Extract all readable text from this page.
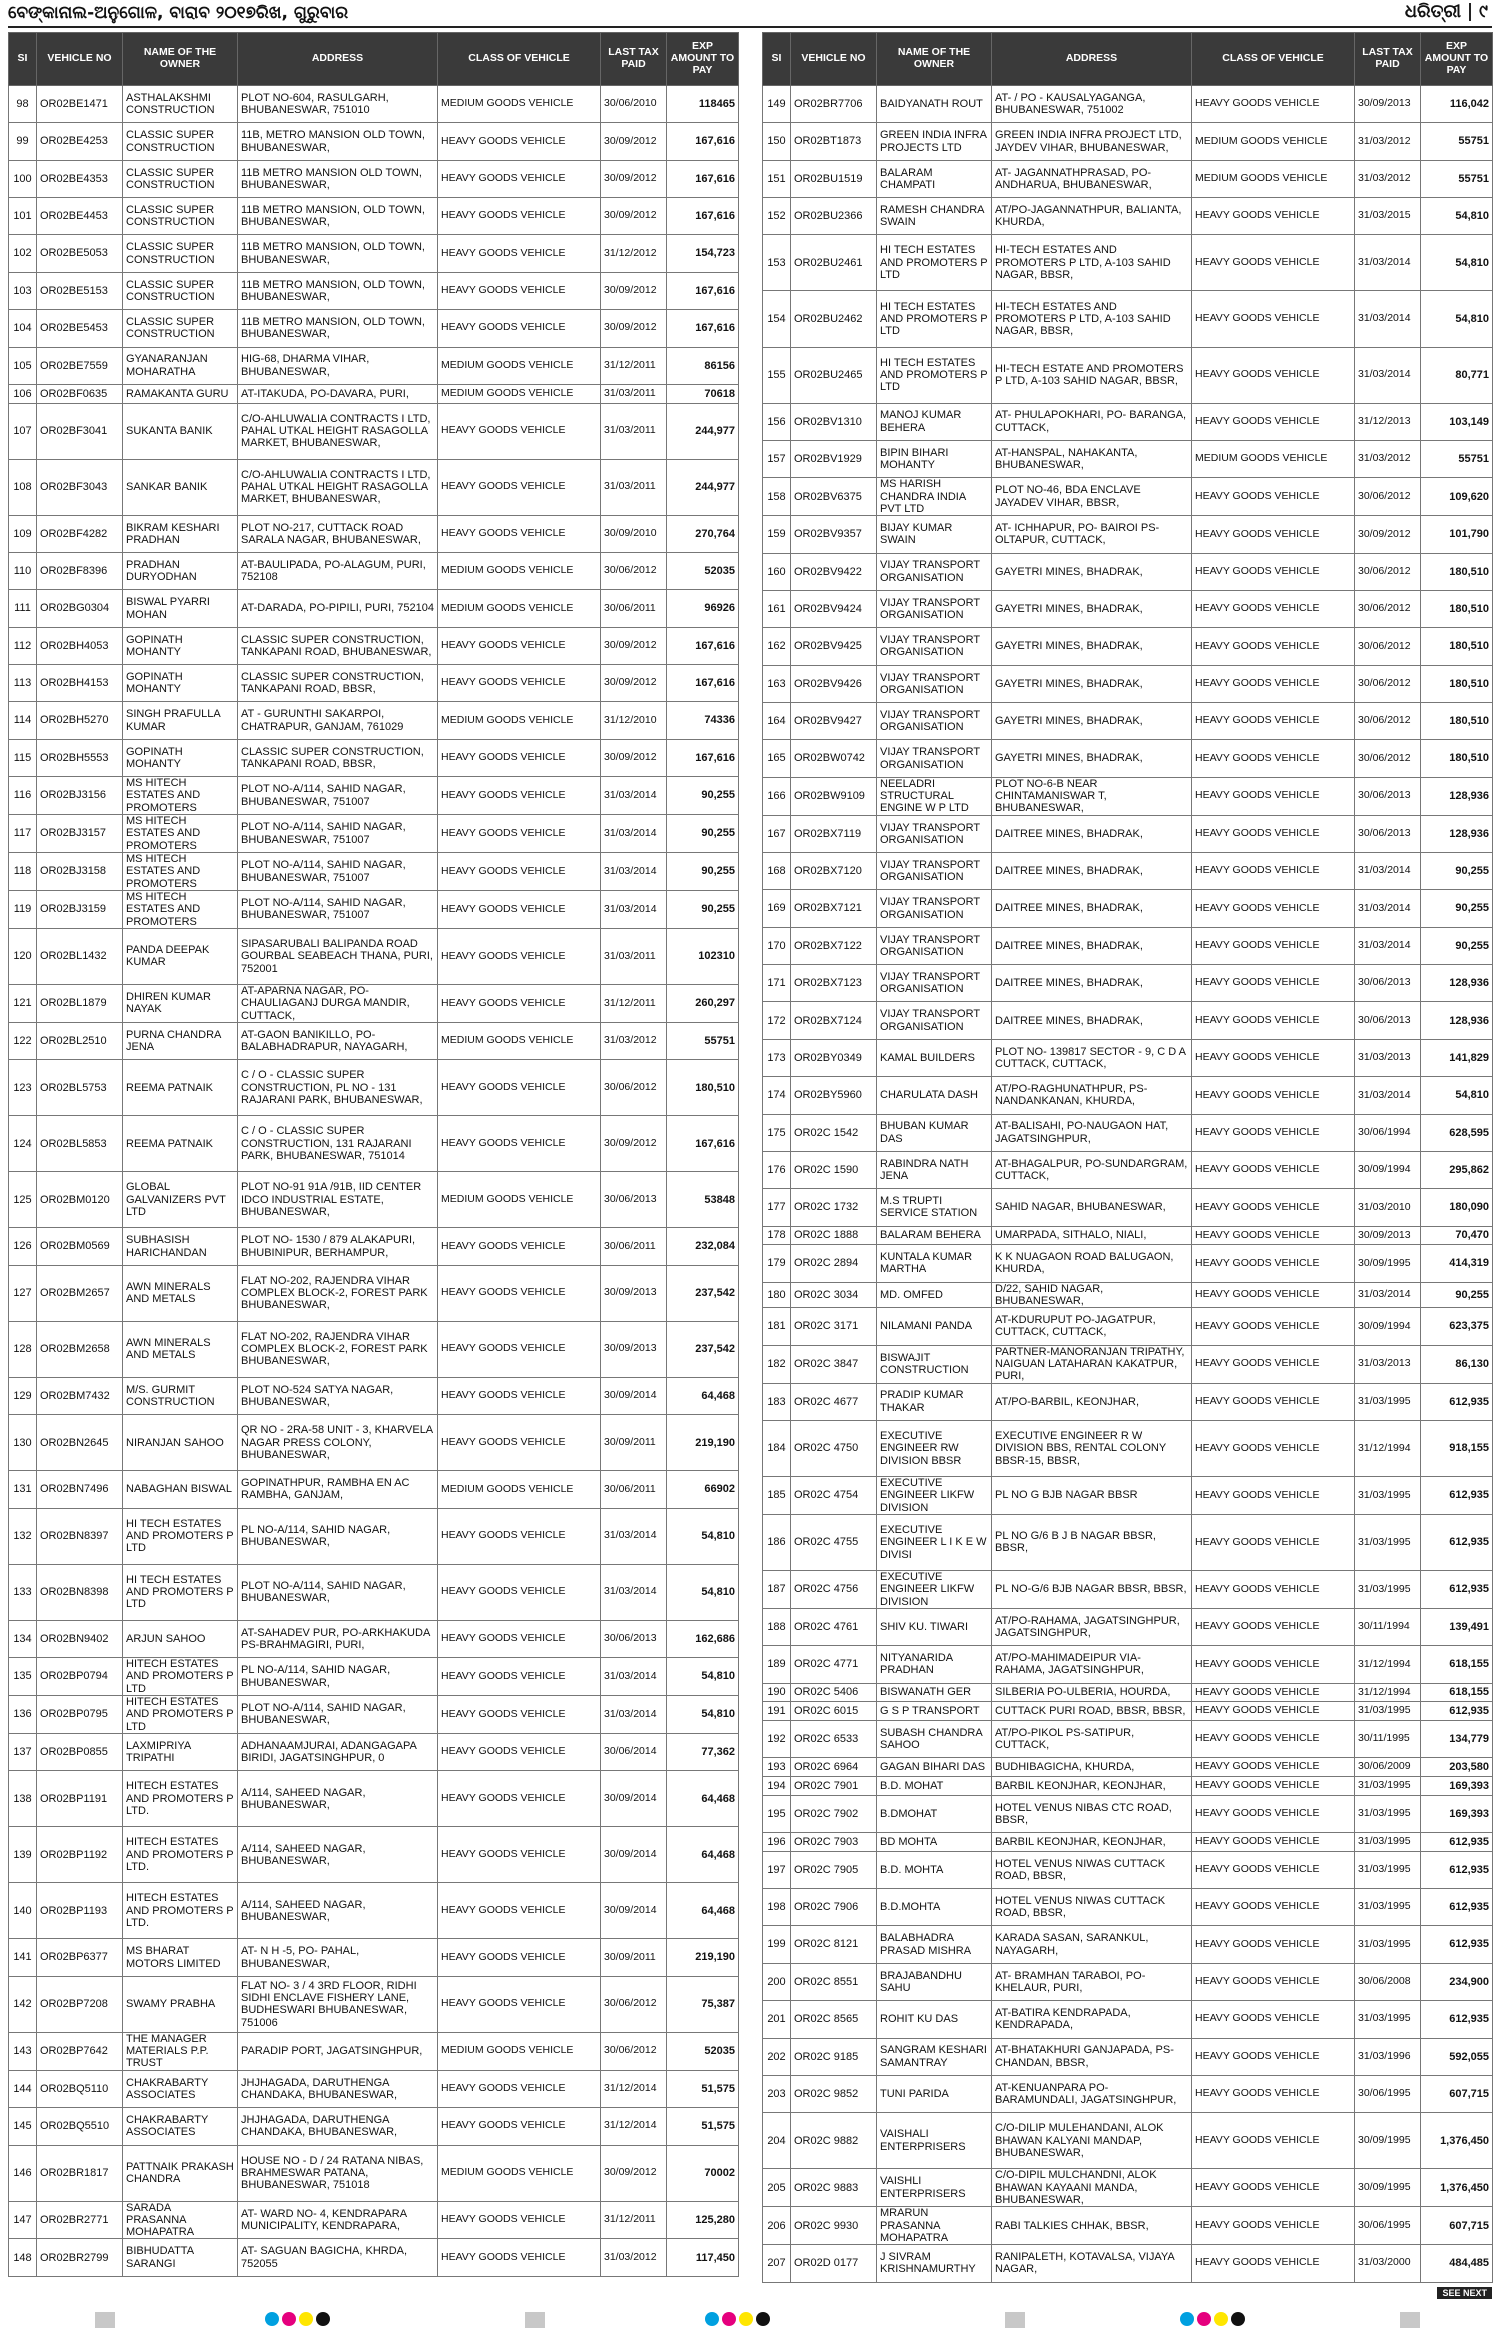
ବେଙ୍କାନାଲ-ଅନୁଗୋଳ, ବାରାବ ୨୦୧୭ରିଖ, ଗୁରୁବାର	ଧରିତ୍ରୀ ୯
SI	VEHICLE NO	NAME OF THE OWNER	ADDRESS	CLASS OF VEHICLE	LAST TAX PAID	EXP AMOUNT TO PAY
98	OR02BE1471	ASTHALAKSHMI CONSTRUCTION	PLOT NO-604, RASULGARH, BHUBANESWAR, 751010	MEDIUM GOODS VEHICLE	30/06/2010	118465
99	OR02BE4253	CLASSIC SUPER CONSTRUCTION	11B, METRO MANSION OLD TOWN, BHUBANESWAR,	HEAVY GOODS VEHICLE	30/09/2012	167,616
100	OR02BE4353	CLASSIC SUPER CONSTRUCTION	11B METRO MANSION OLD TOWN, BHUBANESWAR,	HEAVY GOODS VEHICLE	30/09/2012	167,616
101	OR02BE4453	CLASSIC SUPER CONSTRUCTION	11B METRO MANSION, OLD TOWN, BHUBANESWAR,	HEAVY GOODS VEHICLE	30/09/2012	167,616
102	OR02BE5053	CLASSIC SUPER CONSTRUCTION	11B METRO MANSION, OLD TOWN, BHUBANESWAR,	HEAVY GOODS VEHICLE	31/12/2012	154,723
103	OR02BE5153	CLASSIC SUPER CONSTRUCTION	11B METRO MANSION, OLD TOWN, BHUBANESWAR,	HEAVY GOODS VEHICLE	30/09/2012	167,616
104	OR02BE5453	CLASSIC SUPER CONSTRUCTION	11B METRO MANSION, OLD TOWN, BHUBANESWAR,	HEAVY GOODS VEHICLE	30/09/2012	167,616
105	OR02BE7559	GYANARANJAN MOHARATHA	HIG-68, DHARMA VIHAR, BHUBANESWAR,	MEDIUM GOODS VEHICLE	31/12/2011	86156
106	OR02BF0635	RAMAKANTA GURU	AT-ITAKUDA, PO-DAVARA, PURI,	MEDIUM GOODS VEHICLE	31/03/2011	70618
107	OR02BF3041	SUKANTA BANIK	C/O-AHLUWALIA CONTRACTS I LTD, PAHAL UTKAL HEIGHT RASAGOLLA MARKET, BHUBANESWAR,	HEAVY GOODS VEHICLE	31/03/2011	244,977
108	OR02BF3043	SANKAR BANIK	C/O-AHLUWALIA CONTRACTS I LTD, PAHAL UTKAL HEIGHT RASAGOLLA MARKET, BHUBANESWAR,	HEAVY GOODS VEHICLE	31/03/2011	244,977
109	OR02BF4282	BIKRAM KESHARI PRADHAN	PLOT NO-217, CUTTACK ROAD SARALA NAGAR, BHUBANESWAR,	HEAVY GOODS VEHICLE	30/09/2010	270,764
110	OR02BF8396	PRADHAN DURYODHAN	AT-BAULIPADA, PO-ALAGUM, PURI, 752108	MEDIUM GOODS VEHICLE	30/06/2012	52035
111	OR02BG0304	BISWAL PYARRI MOHAN	AT-DARADA, PO-PIPILI, PURI, 752104	MEDIUM GOODS VEHICLE	30/06/2011	96926
112	OR02BH4053	GOPINATH MOHANTY	CLASSIC SUPER CONSTRUCTION, TANKAPANI ROAD, BHUBANESWAR,	HEAVY GOODS VEHICLE	30/09/2012	167,616
113	OR02BH4153	GOPINATH MOHANTY	CLASSIC SUPER CONSTRUCTION, TANKAPANI ROAD, BBSR,	HEAVY GOODS VEHICLE	30/09/2012	167,616
114	OR02BH5270	SINGH PRAFULLA KUMAR	AT - GURUNTHI SAKARPOI, CHATRAPUR, GANJAM, 761029	MEDIUM GOODS VEHICLE	31/12/2010	74336
115	OR02BH5553	GOPINATH MOHANTY	CLASSIC SUPER CONSTRUCTION, TANKAPANI ROAD, BBSR,	HEAVY GOODS VEHICLE	30/09/2012	167,616
116	OR02BJ3156	MS HITECH ESTATES AND PROMOTERS	PLOT NO-A/114, SAHID NAGAR, BHUBANESWAR, 751007	HEAVY GOODS VEHICLE	31/03/2014	90,255
117	OR02BJ3157	MS HITECH ESTATES AND PROMOTERS	PLOT NO-A/114, SAHID NAGAR, BHUBANESWAR, 751007	HEAVY GOODS VEHICLE	31/03/2014	90,255
118	OR02BJ3158	MS HITECH ESTATES AND PROMOTERS	PLOT NO-A/114, SAHID NAGAR, BHUBANESWAR, 751007	HEAVY GOODS VEHICLE	31/03/2014	90,255
119	OR02BJ3159	MS HITECH ESTATES AND PROMOTERS	PLOT NO-A/114, SAHID NAGAR, BHUBANESWAR, 751007	HEAVY GOODS VEHICLE	31/03/2014	90,255
120	OR02BL1432	PANDA DEEPAK KUMAR	SIPASARUBALI BALIPANDA ROAD GOURBAL SEABEACH THANA, PURI, 752001	HEAVY GOODS VEHICLE	31/03/2011	102310
121	OR02BL1879	DHIREN KUMAR NAYAK	AT-APARNA NAGAR, PO-CHAULIAGANJ DURGA MANDIR, CUTTACK,	HEAVY GOODS VEHICLE	31/12/2011	260,297
122	OR02BL2510	PURNA CHANDRA JENA	AT-GAON BANIKILLO, PO-BALABHADRAPUR, NAYAGARH,	MEDIUM GOODS VEHICLE	31/03/2012	55751
123	OR02BL5753	REEMA PATNAIK	C / O - CLASSIC SUPER CONSTRUCTION, PL NO - 131 RAJARANI PARK, BHUBANESWAR,	HEAVY GOODS VEHICLE	30/06/2012	180,510
124	OR02BL5853	REEMA PATNAIK	C / O - CLASSIC SUPER CONSTRUCTION, 131 RAJARANI PARK, BHUBANESWAR, 751014	HEAVY GOODS VEHICLE	30/09/2012	167,616
125	OR02BM0120	GLOBAL GALVANIZERS PVT LTD	PLOT NO-91 91A /91B, IID CENTER IDCO INDUSTRIAL ESTATE, BHUBANESWAR,	MEDIUM GOODS VEHICLE	30/06/2013	53848
126	OR02BM0569	SUBHASISH HARICHANDAN	PLOT NO- 1530 / 879 ALAKAPURI, BHUBINIPUR, BERHAMPUR,	HEAVY GOODS VEHICLE	30/06/2011	232,084
127	OR02BM2657	AWN MINERALS AND METALS	FLAT NO-202, RAJENDRA VIHAR COMPLEX BLOCK-2, FOREST PARK BHUBANESWAR,	HEAVY GOODS VEHICLE	30/09/2013	237,542
128	OR02BM2658	AWN MINERALS AND METALS	FLAT NO-202, RAJENDRA VIHAR COMPLEX BLOCK-2, FOREST PARK BHUBANESWAR,	HEAVY GOODS VEHICLE	30/09/2013	237,542
129	OR02BM7432	M/S. GURMIT CONSTRUCTION	PLOT NO-524 SATYA NAGAR, BHUBANESWAR,	HEAVY GOODS VEHICLE	30/09/2014	64,468
130	OR02BN2645	NIRANJAN SAHOO	QR NO - 2RA-58 UNIT - 3, KHARVELA NAGAR PRESS COLONY, BHUBANESWAR,	HEAVY GOODS VEHICLE	30/09/2011	219,190
131	OR02BN7496	NABAGHAN BISWAL	GOPINATHPUR, RAMBHA EN AC RAMBHA, GANJAM,	MEDIUM GOODS VEHICLE	30/06/2011	66902
132	OR02BN8397	HI TECH ESTATES AND PROMOTERS P LTD	PL NO-A/114, SAHID NAGAR, BHUBANESWAR,	HEAVY GOODS VEHICLE	31/03/2014	54,810
133	OR02BN8398	HI TECH ESTATES AND PROMOTERS P LTD	PLOT NO-A/114, SAHID NAGAR, BHUBANESWAR,	HEAVY GOODS VEHICLE	31/03/2014	54,810
134	OR02BN9402	ARJUN SAHOO	AT-SAHADEV PUR, PO-ARKHAKUDA PS-BRAHMAGIRI, PURI,	HEAVY GOODS VEHICLE	30/06/2013	162,686
135	OR02BP0794	HITECH ESTATES AND PROMOTERS P LTD	PL NO-A/114, SAHID NAGAR, BHUBANESWAR,	HEAVY GOODS VEHICLE	31/03/2014	54,810
136	OR02BP0795	HITECH ESTATES AND PROMOTERS P LTD	PLOT NO-A/114, SAHID NAGAR, BHUBANESWAR,	HEAVY GOODS VEHICLE	31/03/2014	54,810
137	OR02BP0855	LAXMIPRIYA TRIPATHI	ADHANAAMJURAI, ADANGAGAPA BIRIDI, JAGATSINGHPUR, 0	HEAVY GOODS VEHICLE	30/06/2014	77,362
138	OR02BP1191	HITECH ESTATES AND PROMOTERS P LTD.	A/114, SAHEED NAGAR, BHUBANESWAR,	HEAVY GOODS VEHICLE	30/09/2014	64,468
139	OR02BP1192	HITECH ESTATES AND PROMOTERS P LTD.	A/114, SAHEED NAGAR, BHUBANESWAR,	HEAVY GOODS VEHICLE	30/09/2014	64,468
140	OR02BP1193	HITECH ESTATES AND PROMOTERS P LTD.	A/114, SAHEED NAGAR, BHUBANESWAR,	HEAVY GOODS VEHICLE	30/09/2014	64,468
141	OR02BP6377	MS BHARAT MOTORS LIMITED	AT- N H -5, PO- PAHAL, BHUBANESWAR,	HEAVY GOODS VEHICLE	30/09/2011	219,190
142	OR02BP7208	SWAMY PRABHA	FLAT NO- 3 / 4 3RD FLOOR, RIDHI SIDHI ENCLAVE FISHERY LANE, BUDHESWARI BHUBANESWAR, 751006	HEAVY GOODS VEHICLE	30/06/2012	75,387
143	OR02BP7642	THE MANAGER MATERIALS P.P. TRUST	PARADIP PORT, JAGATSINGHPUR,	MEDIUM GOODS VEHICLE	30/06/2012	52035
144	OR02BQ5110	CHAKRABARTY ASSOCIATES	JHJHAGADA, DARUTHENGA CHANDAKA, BHUBANESWAR,	HEAVY GOODS VEHICLE	31/12/2014	51,575
145	OR02BQ5510	CHAKRABARTY ASSOCIATES	JHJHAGADA, DARUTHENGA CHANDAKA, BHUBANESWAR,	HEAVY GOODS VEHICLE	31/12/2014	51,575
146	OR02BR1817	PATTNAIK PRAKASH CHANDRA	HOUSE NO - D / 24 RATANA NIBAS, BRAHMESWAR PATANA, BHUBANESWAR, 751018	MEDIUM GOODS VEHICLE	30/09/2012	70002
147	OR02BR2771	SARADA PRASANNA MOHAPATRA	AT- WARD NO- 4, KENDRAPARA MUNICIPALITY, KENDRAPARA,	HEAVY GOODS VEHICLE	31/12/2011	125,280
148	OR02BR2799	BIBHUDATTA SARANGI	AT- SAGUAN BAGICHA, KHRDA, 752055	HEAVY GOODS VEHICLE	31/03/2012	117,450
SI	VEHICLE NO	NAME OF THE OWNER	ADDRESS	CLASS OF VEHICLE	LAST TAX PAID	EXP AMOUNT TO PAY
149	OR02BR7706	BAIDYANATH ROUT	AT- / PO - KAUSALYAGANGA, BHUBANESWAR, 751002	HEAVY GOODS VEHICLE	30/09/2013	116,042
150	OR02BT1873	GREEN INDIA INFRA PROJECTS LTD	GREEN INDIA INFRA PROJECT LTD, JAYDEV VIHAR, BHUBANESWAR,	MEDIUM GOODS VEHICLE	31/03/2012	55751
151	OR02BU1519	BALARAM CHAMPATI	AT- JAGANNATHPRASAD, PO- ANDHARUA, BHUBANESWAR,	MEDIUM GOODS VEHICLE	31/03/2012	55751
152	OR02BU2366	RAMESH CHANDRA SWAIN	AT/PO-JAGANNATHPUR, BALIANTA, KHURDA,	HEAVY GOODS VEHICLE	31/03/2015	54,810
153	OR02BU2461	HI TECH ESTATES AND PROMOTERS P LTD	HI-TECH ESTATES AND PROMOTERS P LTD, A-103 SAHID NAGAR, BBSR,	HEAVY GOODS VEHICLE	31/03/2014	54,810
154	OR02BU2462	HI TECH ESTATES AND PROMOTERS P LTD	HI-TECH ESTATES AND PROMOTERS P LTD, A-103 SAHID NAGAR, BBSR,	HEAVY GOODS VEHICLE	31/03/2014	54,810
155	OR02BU2465	HI TECH ESTATES AND PROMOTERS P LTD	HI-TECH ESTATE AND PROMOTERS P LTD, A-103 SAHID NAGAR, BBSR,	HEAVY GOODS VEHICLE	31/03/2014	80,771
156	OR02BV1310	MANOJ KUMAR BEHERA	AT- PHULAPOKHARI, PO- BARANGA, CUTTACK,	HEAVY GOODS VEHICLE	31/12/2013	103,149
157	OR02BV1929	BIPIN BIHARI MOHANTY	AT-HANSPAL, NAHAKANTA, BHUBANESWAR,	MEDIUM GOODS VEHICLE	31/03/2012	55751
158	OR02BV6375	MS HARISH CHANDRA INDIA PVT LTD	PLOT NO-46, BDA ENCLAVE JAYADEV VIHAR, BBSR,	HEAVY GOODS VEHICLE	30/06/2012	109,620
159	OR02BV9357	BIJAY KUMAR SWAIN	AT- ICHHAPUR, PO- BAIROI PS- OLTAPUR, CUTTACK,	HEAVY GOODS VEHICLE	30/09/2012	101,790
160	OR02BV9422	VIJAY TRANSPORT ORGANISATION	GAYETRI MINES, BHADRAK,	HEAVY GOODS VEHICLE	30/06/2012	180,510
161	OR02BV9424	VIJAY TRANSPORT ORGANISATION	GAYETRI MINES, BHADRAK,	HEAVY GOODS VEHICLE	30/06/2012	180,510
162	OR02BV9425	VIJAY TRANSPORT ORGANISATION	GAYETRI MINES, BHADRAK,	HEAVY GOODS VEHICLE	30/06/2012	180,510
163	OR02BV9426	VIJAY TRANSPORT ORGANISATION	GAYETRI MINES, BHADRAK,	HEAVY GOODS VEHICLE	30/06/2012	180,510
164	OR02BV9427	VIJAY TRANSPORT ORGANISATION	GAYETRI MINES, BHADRAK,	HEAVY GOODS VEHICLE	30/06/2012	180,510
165	OR02BW0742	VIJAY TRANSPORT ORGANISATION	GAYETRI MINES, BHADRAK,	HEAVY GOODS VEHICLE	30/06/2012	180,510
166	OR02BW9109	NEELADRI STRUCTURAL ENGINE W P LTD	PLOT NO-6-B NEAR CHINTAMANISWAR T, BHUBANESWAR,	HEAVY GOODS VEHICLE	30/06/2013	128,936
167	OR02BX7119	VIJAY TRANSPORT ORGANISATION	DAITREE MINES, BHADRAK,	HEAVY GOODS VEHICLE	30/06/2013	128,936
168	OR02BX7120	VIJAY TRANSPORT ORGANISATION	DAITREE MINES, BHADRAK,	HEAVY GOODS VEHICLE	31/03/2014	90,255
169	OR02BX7121	VIJAY TRANSPORT ORGANISATION	DAITREE MINES, BHADRAK,	HEAVY GOODS VEHICLE	31/03/2014	90,255
170	OR02BX7122	VIJAY TRANSPORT ORGANISATION	DAITREE MINES, BHADRAK,	HEAVY GOODS VEHICLE	31/03/2014	90,255
171	OR02BX7123	VIJAY TRANSPORT ORGANISATION	DAITREE MINES, BHADRAK,	HEAVY GOODS VEHICLE	30/06/2013	128,936
172	OR02BX7124	VIJAY TRANSPORT ORGANISATION	DAITREE MINES, BHADRAK,	HEAVY GOODS VEHICLE	30/06/2013	128,936
173	OR02BY0349	KAMAL BUILDERS	PLOT NO- 139817 SECTOR - 9, C D A CUTTACK, CUTTACK,	HEAVY GOODS VEHICLE	31/03/2013	141,829
174	OR02BY5960	CHARULATA DASH	AT/PO-RAGHUNATHPUR, PS-NANDANKANAN, KHURDA,	HEAVY GOODS VEHICLE	31/03/2014	54,810
175	OR02C 1542	BHUBAN KUMAR DAS	AT-BALISAHI, PO-NAUGAON HAT, JAGATSINGHPUR,	HEAVY GOODS VEHICLE	30/06/1994	628,595
176	OR02C 1590	RABINDRA NATH JENA	AT-BHAGALPUR, PO-SUNDARGRAM, CUTTACK,	HEAVY GOODS VEHICLE	30/09/1994	295,862
177	OR02C 1732	M.S TRUPTI SERVICE STATION	SAHID NAGAR, BHUBANESWAR,	HEAVY GOODS VEHICLE	31/03/2010	180,090
178	OR02C 1888	BALARAM BEHERA	UMARPADA, SITHALO, NIALI,	HEAVY GOODS VEHICLE	30/09/2013	70,470
179	OR02C 2894	KUNTALA KUMAR MARTHA	K K NUAGAON ROAD BALUGAON, KHURDA,	HEAVY GOODS VEHICLE	30/09/1995	414,319
180	OR02C 3034	MD. OMFED	D/22, SAHID NAGAR, BHUBANESWAR,	HEAVY GOODS VEHICLE	31/03/2014	90,255
181	OR02C 3171	NILAMANI PANDA	AT-KDURUPUT PO-JAGATPUR, CUTTACK, CUTTACK,	HEAVY GOODS VEHICLE	30/09/1994	623,375
182	OR02C 3847	BISWAJIT CONSTRUCTION	PARTNER-MANORANJAN TRIPATHY, NAIGUAN LATAHARAN KAKATPUR, PURI,	HEAVY GOODS VEHICLE	31/03/2013	86,130
183	OR02C 4677	PRADIP KUMAR THAKAR	AT/PO-BARBIL, KEONJHAR,	HEAVY GOODS VEHICLE	31/03/1995	612,935
184	OR02C 4750	EXECUTIVE ENGINEER RW DIVISION BBSR	EXECUTIVE ENGINEER R W DIVISION BBS, RENTAL COLONY BBSR-15, BBSR,	HEAVY GOODS VEHICLE	31/12/1994	918,155
185	OR02C 4754	EXECUTIVE ENGINEER LIKFW DIVISION	PL NO G BJB NAGAR BBSR	HEAVY GOODS VEHICLE	31/03/1995	612,935
186	OR02C 4755	EXECUTIVE ENGINEER L I K E W DIVISI	PL NO G/6 B J B NAGAR BBSR, BBSR,	HEAVY GOODS VEHICLE	31/03/1995	612,935
187	OR02C 4756	EXECUTIVE ENGINEER LIKFW DIVISION	PL NO-G/6 BJB NAGAR BBSR, BBSR,	HEAVY GOODS VEHICLE	31/03/1995	612,935
188	OR02C 4761	SHIV KU. TIWARI	AT/PO-RAHAMA, JAGATSINGHPUR, JAGATSINGHPUR,	HEAVY GOODS VEHICLE	30/11/1994	139,491
189	OR02C 4771	NITYANARIDA PRADHAN	AT/PO-MAHIMADEIPUR VIA-RAHAMA, JAGATSINGHPUR,	HEAVY GOODS VEHICLE	31/12/1994	618,155
190	OR02C 5406	BISWANATH GER	SILBERIA PO-ULBERIA, HOURDA,	HEAVY GOODS VEHICLE	31/12/1994	618,155
191	OR02C 6015	G S P TRANSPORT	CUTTACK PURI ROAD, BBSR, BBSR,	HEAVY GOODS VEHICLE	31/03/1995	612,935
192	OR02C 6533	SUBASH CHANDRA SAHOO	AT/PO-PIKOL PS-SATIPUR, CUTTACK,	HEAVY GOODS VEHICLE	30/11/1995	134,779
193	OR02C 6964	GAGAN BIHARI DAS	BUDHIBAGICHA, KHURDA,	HEAVY GOODS VEHICLE	30/06/2009	203,580
194	OR02C 7901	B.D. MOHAT	BARBIL KEONJHAR, KEONJHAR,	HEAVY GOODS VEHICLE	31/03/1995	169,393
195	OR02C 7902	B.DMOHAT	HOTEL VENUS NIBAS CTC ROAD, BBSR,	HEAVY GOODS VEHICLE	31/03/1995	169,393
196	OR02C 7903	BD MOHTA	BARBIL KEONJHAR, KEONJHAR,	HEAVY GOODS VEHICLE	31/03/1995	612,935
197	OR02C 7905	B.D. MOHTA	HOTEL VENUS NIWAS CUTTACK ROAD, BBSR,	HEAVY GOODS VEHICLE	31/03/1995	612,935
198	OR02C 7906	B.D.MOHTA	HOTEL VENUS NIWAS CUTTACK ROAD, BBSR,	HEAVY GOODS VEHICLE	31/03/1995	612,935
199	OR02C 8121	BALABHADRA PRASAD MISHRA	KARADA SASAN, SARANKUL, NAYAGARH,	HEAVY GOODS VEHICLE	31/03/1995	612,935
200	OR02C 8551	BRAJABANDHU SAHU	AT- BRAMHAN TARABOI, PO-KHELAUR, PURI,	HEAVY GOODS VEHICLE	30/06/2008	234,900
201	OR02C 8565	ROHIT KU DAS	AT-BATIRA KENDRAPADA, KENDRAPADA,	HEAVY GOODS VEHICLE	31/03/1995	612,935
202	OR02C 9185	SANGRAM KESHARI SAMANTRAY	AT-BHATAKHURI GANJAPADA, PS-CHANDAN, BBSR,	HEAVY GOODS VEHICLE	31/03/1996	592,055
203	OR02C 9852	TUNI PARIDA	AT-KENUANPARA PO-BARAMUNDALI, JAGATSINGHPUR,	HEAVY GOODS VEHICLE	30/06/1995	607,715
204	OR02C 9882	VAISHALI ENTERPRISERS	C/O-DILIP MULEHANDANI, ALOK BHAWAN KALYANI MANDAP, BHUBANESWAR,	HEAVY GOODS VEHICLE	30/09/1995	1,376,450
205	OR02C 9883	VAISHLI ENTERPRISERS	C/O-DIPIL MULCHANDNI, ALOK BHAWAN KAYAANI MANDA, BHUBANESWAR,	HEAVY GOODS VEHICLE	30/09/1995	1,376,450
206	OR02C 9930	MRARUN PRASANNA MOHAPATRA	RABI TALKIES CHHAK, BBSR,	HEAVY GOODS VEHICLE	30/06/1995	607,715
207	OR02D 0177	J SIVRAM KRISHNAMURTHY	RANIPALETH, KOTAVALSA, VIJAYA NAGAR,	HEAVY GOODS VEHICLE	31/03/2000	484,485
SEE NEXT
